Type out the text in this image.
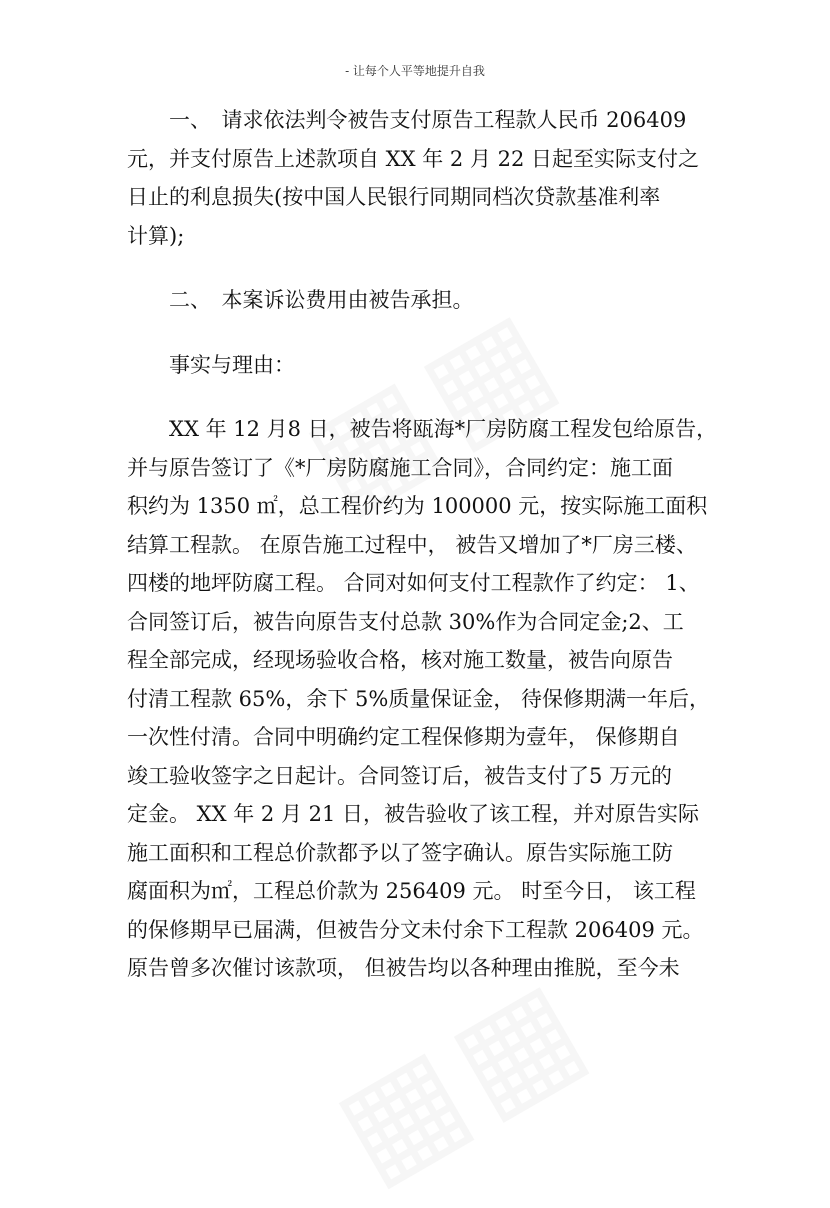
- 让每个人平等地提升自我
　　一、　请求依法判令被告支付原告工程款人民币 206409
元，并支付原告上述款项自 XX 年 2 月 22 日起至实际支付之
日止的利息损失(按中国人民银行同期同档次贷款基准利率
计算);
　　二、　本案诉讼费用由被告承担。
　　事实与理由：
　　XX 年 12 月8 日，被告将瓯海*厂房防腐工程发包给原告，
并与原告签订了《*厂房防腐施工合同》，合同约定：施工面
积约为 1350 ㎡，总工程价约为 100000 元，按实际施工面积
结算工程款。 在原告施工过程中， 被告又增加了*厂房三楼、
四楼的地坪防腐工程。 合同对如何支付工程款作了约定： 1、
合同签订后，被告向原告支付总款 30%作为合同定金;2、工
程全部完成，经现场验收合格，核对施工数量，被告向原告
付清工程款 65%，余下 5%质量保证金， 待保修期满一年后，
一次性付清。合同中明确约定工程保修期为壹年， 保修期自
竣工验收签字之日起计。合同签订后，被告支付了5 万元的
定金。 XX 年 2 月 21 日，被告验收了该工程，并对原告实际
施工面积和工程总价款都予以了签字确认。原告实际施工防
腐面积为㎡，工程总价款为 256409 元。 时至今日， 该工程
的保修期早已届满，但被告分文未付余下工程款 206409 元。
原告曾多次催讨该款项， 但被告均以各种理由推脱，至今未
